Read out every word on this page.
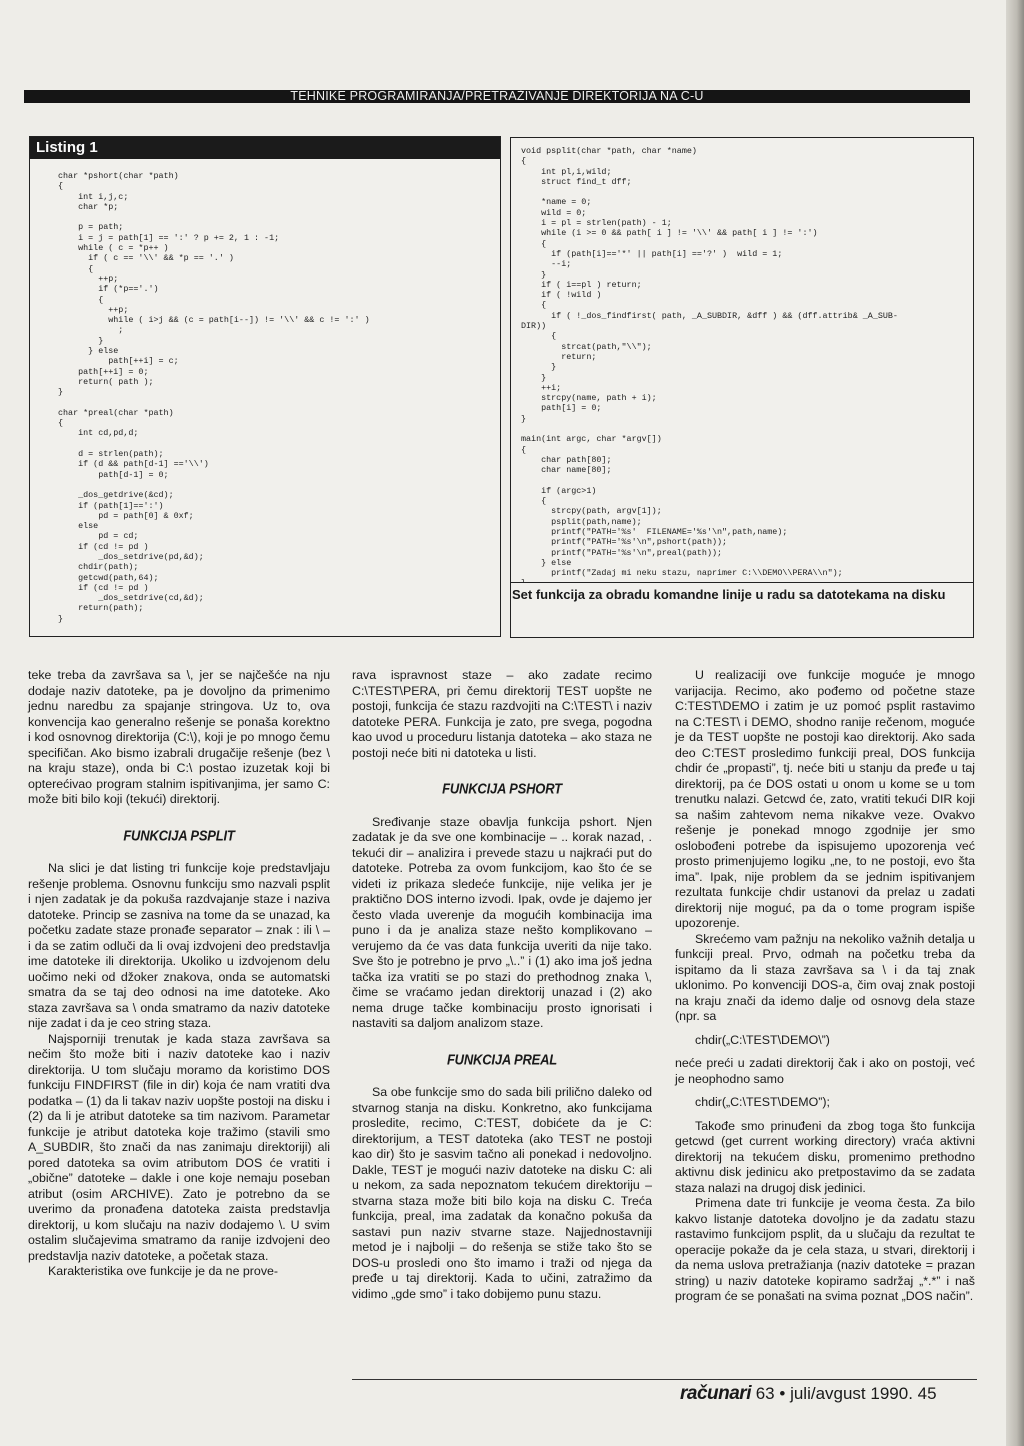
TEHNIKE PROGRAMIRANJA/PRETRAŽIVANJE DIREKTORIJA NA C-U
Listing 1
char *pshort(char *path)
{
int i,j,c;
char *p;

p = path;
i = j = path[1] == ':' ? p += 2, 1 : -1;
while ( c = *p++ )
if ( c == '\\' && *p == '.' )
{
++p;
if (*p=='.')
{
++p;
while ( i>j && (c = path[i--]) != '\\' && c != ':' )
;
}
} else
path[++i] = c;
path[++i] = 0;
return( path );
}

char *preal(char *path)
{
int cd,pd,d;

d = strlen(path);
if (d && path[d-1] =='\\')
path[d-1] = 0;

_dos_getdrive(&cd);
if (path[1]==':')
pd = path[0] & 0xf;
else
pd = cd;
if (cd != pd )
_dos_setdrive(pd,&d);
chdir(path);
getcwd(path,64);
if (cd != pd )
_dos_setdrive(cd,&d);
return(path);
}
void psplit(char *path, char *name)
{
int pl,i,wild;
struct find_t dff;

*name = 0;
wild = 0;
i = pl = strlen(path) - 1;
while (i >= 0 && path[ i ] != '\\' && path[ i ] != ':')
{
if (path[i]=='*' || path[i] =='?' )  wild = 1;
--i;
}
if ( i==pl ) return;
if ( !wild )
{
if ( !_dos_findfirst( path, _A_SUBDIR, &dff ) && (dff.attrib& _A_SUB-
DIR))
{
strcat(path,"\\");
return;
}
}
++i;
strcpy(name, path + i);
path[i] = 0;
}

main(int argc, char *argv[])
{
char path[80];
char name[80];

if (argc>1)
{
strcpy(path, argv[1]);
psplit(path,name);
printf("PATH='%s'  FILENAME='%s'\n",path,name);
printf("PATH='%s'\n",pshort(path));
printf("PATH='%s'\n",preal(path));
} else
printf("Zadaj mi neku stazu, naprimer C:\\DEMO\\PERA\\n");

Set funkcija za obradu komandne linije u radu sa datotekama na disku

teke treba da završava sa \, jer se najčešće na nju dodaje naziv datoteke, pa je dovoljno da primenimo jednu naredbu za spajanje stringova. Uz to, ova konvencija kao generalno rešenje se ponaša korektno i kod osnovnog direktorija (C:\), koji je po mnogo čemu specifičan. Ako bismo izabrali drugačije rešenje (bez \ na kraju staze), onda bi C:\ postao izuzetak koji bi opterećivao program stalnim ispitivanjima, jer samo C: može biti bilo koji (tekući) direktorij.

FUNKCIJA PSPLIT

Na slici je dat listing tri funkcije koje predstavljaju rešenje problema. Osnovnu funkciju smo nazvali psplit i njen zadatak je da pokuša razdvajanje staze i naziva datoteke. Princip se zasniva na tome da se unazad, ka početku zadate staze pronađe separator – znak : ili \ – i da se zatim odluči da li ovaj izdvojeni deo predstavlja ime datoteke ili direktorija. Ukoliko u izdvojenom delu uočimo neki od džoker znakova, onda se automatski smatra da se taj deo odnosi na ime datoteke. Ako staza završava sa \ onda smatramo da naziv datoteke nije zadat i da je ceo string staza.

Najsporniji trenutak je kada staza završava sa nečim što može biti i naziv datoteke kao i naziv direktorija. U tom slučaju moramo da koristimo DOS funkciju FINDFIRST (file in dir) koja će nam vratiti dva podatka – (1) da li takav naziv uopšte postoji na disku i (2) da li je atribut datoteke sa tim nazivom. Parametar funkcije je atribut datoteka koje tražimo (stavili smo A_SUBDIR, što znači da nas zanimaju direktoriji) ali pored datoteka sa ovim atributom DOS će vratiti i „obične” datoteke – dakle i one koje nemaju poseban atribut (osim ARCHIVE). Zato je potrebno da se uverimo da pronađena datoteka zaista predstavlja direktorij, u kom slučaju na naziv dodajemo \. U svim ostalim slučajevima smatramo da ranije izdvojeni deo predstavlja naziv datoteke, a početak staza.

Karakteristika ove funkcije je da ne prove-

rava ispravnost staze – ako zadate recimo C:\TEST\PERA, pri čemu direktorij TEST uopšte ne postoji, funkcija će stazu razdvojiti na C:\TEST\ i naziv datoteke PERA. Funkcija je zato, pre svega, pogodna kao uvod u proceduru listanja datoteka – ako staza ne postoji neće biti ni datoteka u listi.

FUNKCIJA PSHORT

Sređivanje staze obavlja funkcija pshort. Njen zadatak je da sve one kombinacije – .. korak nazad, . tekući dir – analizira i prevede stazu u najkraći put do datoteke. Potreba za ovom funkcijom, kao što će se videti iz prikaza sledeće funkcije, nije velika jer je praktično DOS interno izvodi. Ipak, ovde je dajemo jer često vlada uverenje da mogućih kombinacija ima puno i da je analiza staze nešto komplikovano – verujemo da će vas data funkcija uveriti da nije tako. Sve što je potrebno je prvo „\..” i (1) ako ima još jedna tačka iza vratiti se po stazi do prethodnog znaka \, čime se vraćamo jedan direktorij unazad i (2) ako nema druge tačke kombinaciju prosto ignorisati i nastaviti sa daljom analizom staze.

FUNKCIJA PREAL

Sa obe funkcije smo do sada bili prilično daleko od stvarnog stanja na disku. Konkretno, ako funkcijama prosledite, recimo, C:TEST, dobićete da je C: direktorijum, a TEST datoteka (ako TEST ne postoji kao dir) što je sasvim tačno ali ponekad i nedovoljno. Dakle, TEST je mogući naziv datoteke na disku C: ali u nekom, za sada nepoznatom tekućem direktoriju – stvarna staza može biti bilo koja na disku C. Treća funkcija, preal, ima zadatak da konačno pokuša da sastavi pun naziv stvarne staze. Najjednostavniji metod je i najbolji – do rešenja se stiže tako što se DOS-u prosledi ono što imamo i traži od njega da pređe u taj direktorij. Kada to učini, zatražimo da vidimo „gde smo” i tako dobijemo punu stazu.

U realizaciji ove funkcije moguće je mnogo varijacija. Recimo, ako pođemo od početne staze C:TEST\DEMO i zatim je uz pomoć psplit rastavimo na C:TEST\ i DEMO, shodno ranije rečenom, moguće je da TEST uopšte ne postoji kao direktorij. Ako sada deo C:TEST prosledimo funkciji preal, DOS funkcija chdir će „propasti”, tj. neće biti u stanju da pređe u taj direktorij, pa će DOS ostati u onom u kome se u tom trenutku nalazi. Getcwd će, zato, vratiti tekući DIR koji sa našim zahtevom nema nikakve veze. Ovakvo rešenje je ponekad mnogo zgodnije jer smo oslobođeni potrebe da ispisujemo upozorenja već prosto primenjujemo logiku „ne, to ne postoji, evo šta ima”. Ipak, nije problem da se jednim ispitivanjem rezultata funkcije chdir ustanovi da prelaz u zadati direktorij nije moguć, pa da o tome program ispiše upozorenje.

Skrećemo vam pažnju na nekoliko važnih detalja u funkciji preal. Prvo, odmah na početku treba da ispitamo da li staza završava sa \ i da taj znak uklonimo. Po konvenciji DOS-a, čim ovaj znak postoji na kraju znači da idemo dalje od osnovg dela staze (npr. sa

chdir(„C:\TEST\DEMO\”)

neće preći u zadati direktorij čak i ako on postoji, već je neophodno samo

chdir(„C:\TEST\DEMO”);

Takođe smo prinuđeni da zbog toga što funkcija getcwd (get current working directory) vraća aktivni direktorij na tekućem disku, promenimo prethodno aktivnu disk jedinicu ako pretpostavimo da se zadata staza nalazi na drugoj disk jedinici.

Primena date tri funkcije je veoma česta. Za bilo kakvo listanje datoteka dovoljno je da zadatu stazu rastavimo funkcijom psplit, da u slučaju da rezultat te operacije pokaže da je cela staza, u stvari, direktorij i da nema uslova pretražianja (naziv datoteke = prazan string) u naziv datoteke kopiramo sadržaj „*.*” i naš program će se ponašati na svima poznat „DOS način”.

računari 63 • juli/avgust 1990. 45
